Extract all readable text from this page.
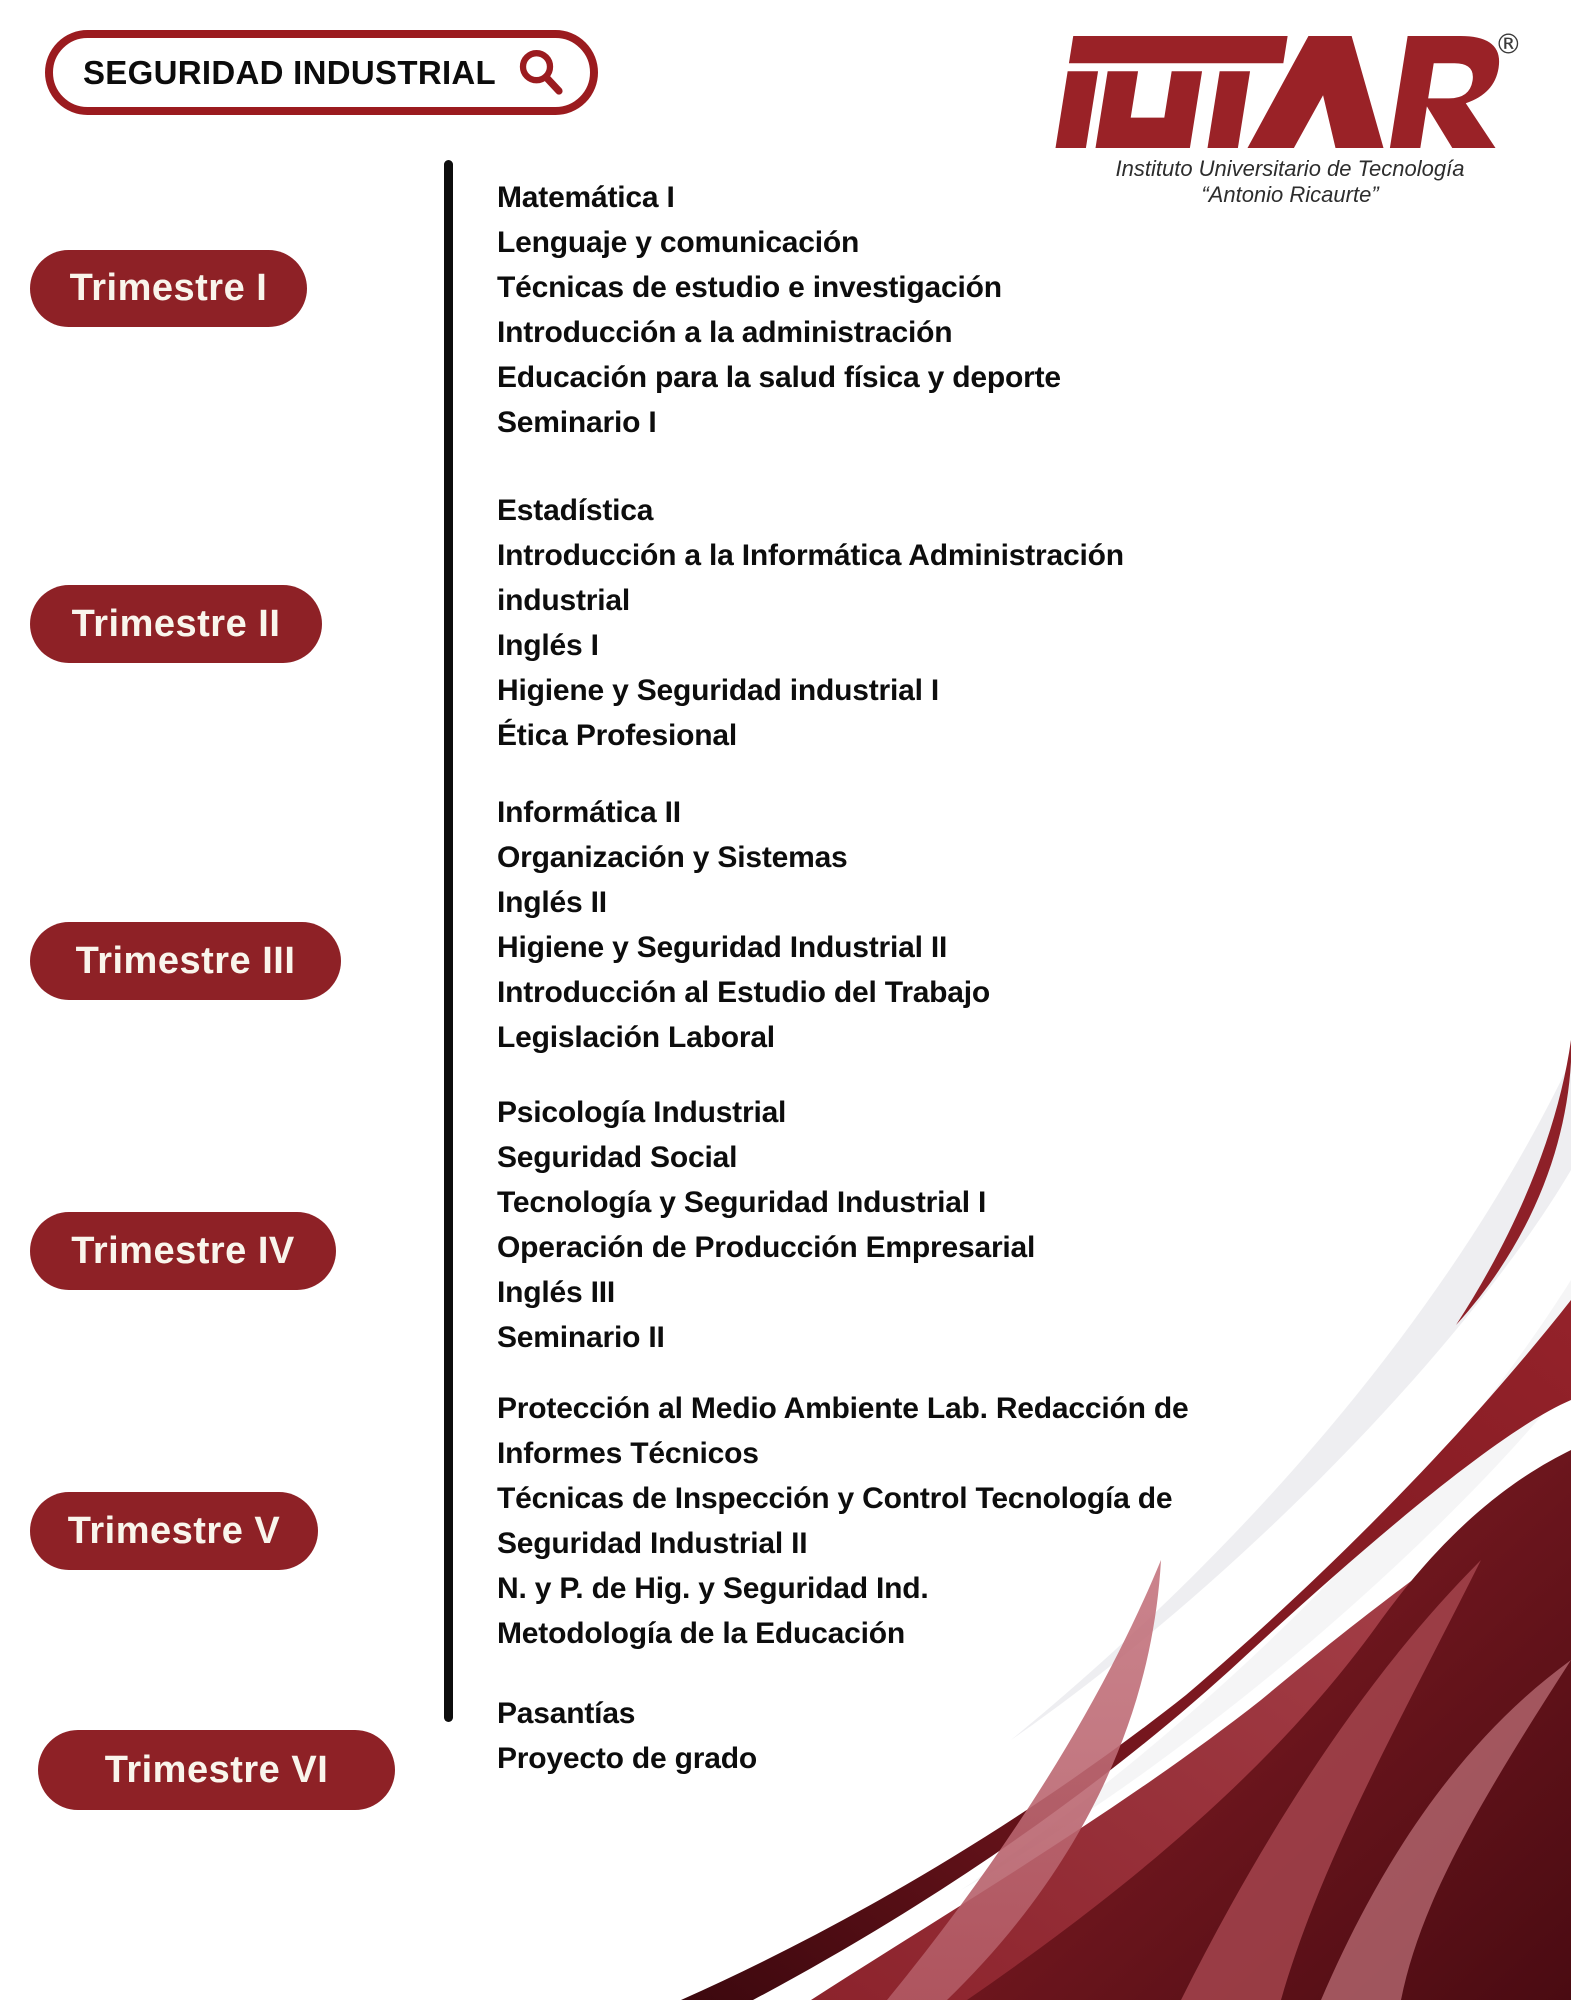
SEGURIDAD INDUSTRIAL
®
Instituto Universitario de Tecnología
“Antonio Ricaurte”
Trimestre I
Trimestre II
Trimestre III
Trimestre IV
Trimestre V
Trimestre VI
Matemática I
Lenguaje y comunicación
Técnicas de estudio e investigación
Introducción a la administración
Educación para la salud física y deporte
Seminario I
Estadística
Introducción a la Informática Administración industrial
Inglés I
Higiene y Seguridad industrial I
Ética Profesional
Informática II
Organización y Sistemas
Inglés II
Higiene y Seguridad Industrial II
Introducción al Estudio del Trabajo
Legislación Laboral
Psicología Industrial
Seguridad Social
Tecnología y Seguridad Industrial I
Operación de Producción Empresarial
Inglés III
Seminario II
Protección al Medio Ambiente Lab. Redacción de Informes Técnicos
Técnicas de Inspección y Control Tecnología de Seguridad Industrial II
N. y P. de Hig. y Seguridad Ind.
Metodología de la Educación
Pasantías
Proyecto de grado
